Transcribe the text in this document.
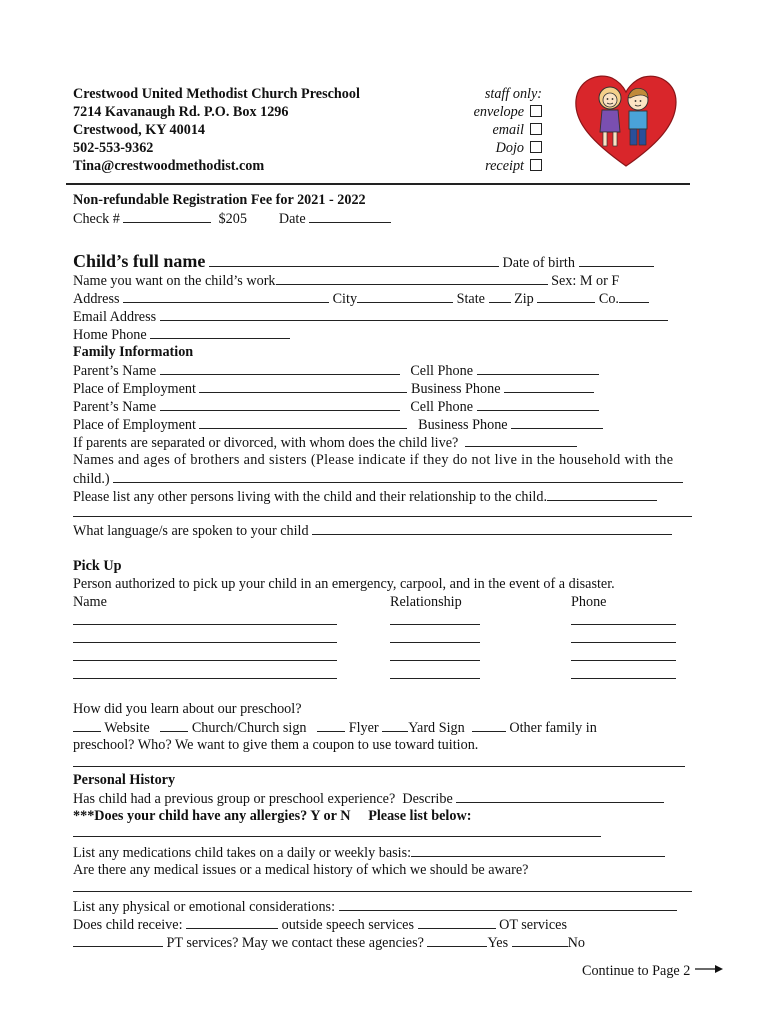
Crestwood United Methodist Church Preschool
7214 Kavanaugh Rd. P.O. Box 1296
Crestwood, KY 40014
502-553-9362
Tina@crestwoodmethodist.com
staff only:
envelope
email
Dojo
receipt
Non-refundable Registration Fee for 2021 - 2022
Check #	$205 Date
Child’s full name	Date of birth
Name you want on the child’s work	Sex: M or F
Address	City	State Zip	Co.
Email Address
Home Phone
Family Information
Parent’s Name	Cell Phone
Place of Employment	Business Phone
Parent’s Name	Cell Phone
Place of Employment	Business Phone
If parents are separated or divorced, with whom does the child live?
Names and ages of brothers and sisters (Please indicate if they do not live in the household with the
child.)
Please list any other persons living with the child and their relationship to the child.
What language/s are spoken to your child
Pick Up
Person authorized to pick up your child in an emergency, carpool, and in the event of a disaster.
Name	Relationship	Phone
How did you learn about our preschool?
Website	Church/Church sign	Flyer Yard Sign	Other family in
preschool? Who? We want to give them a coupon to use toward tuition.
Personal History
Has child had a previous group or preschool experience?  Describe
***Does your child have any allergies? Y or N Please list below:
List any medications child takes on a daily or weekly basis:
Are there any medical issues or a medical history of which we should be aware?
List any physical or emotional considerations:
Does child receive:	outside speech services	OT services
PT services? May we contact these agencies?	Yes	No
Continue to Page 2
